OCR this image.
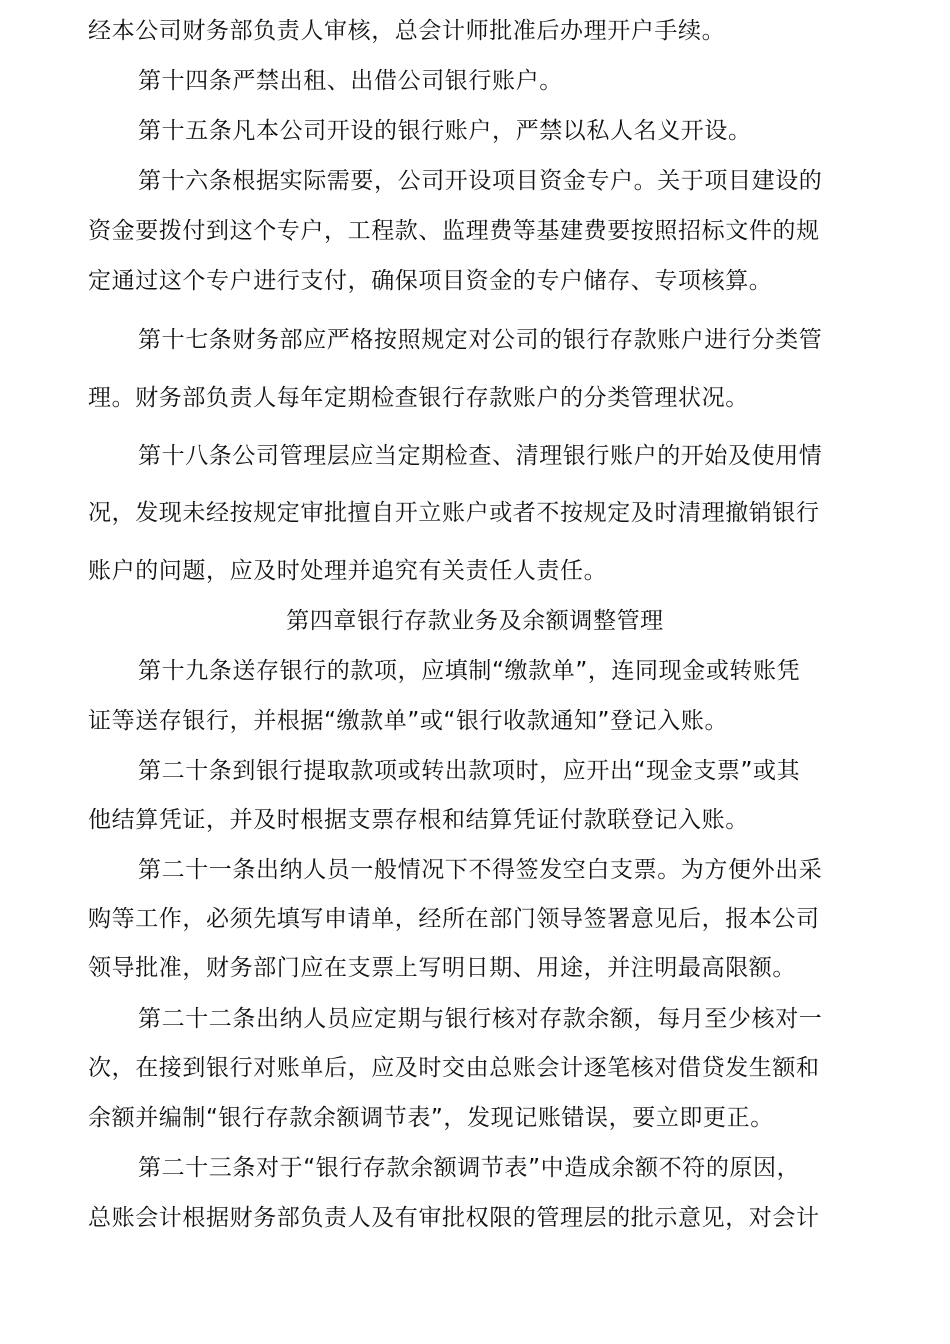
经本公司财务部负责人审核，总会计师批准后办理开户手续。
第十四条严禁出租、出借公司银行账户。
第十五条凡本公司开设的银行账户，严禁以私人名义开设。
第十六条根据实际需要，公司开设项目资金专户。关于项目建设的
资金要拨付到这个专户，工程款、监理费等基建费要按照招标文件的规
定通过这个专户进行支付，确保项目资金的专户储存、专项核算。
第十七条财务部应严格按照规定对公司的银行存款账户进行分类管
理。财务部负责人每年定期检查银行存款账户的分类管理状况。
第十八条公司管理层应当定期检查、清理银行账户的开始及使用情
况，发现未经按规定审批擅自开立账户或者不按规定及时清理撤销银行
账户的问题，应及时处理并追究有关责任人责任。
第四章银行存款业务及余额调整管理
第十九条送存银行的款项，应填制“缴款单”，连同现金或转账凭
证等送存银行，并根据“缴款单”或“银行收款通知”登记入账。
第二十条到银行提取款项或转出款项时，应开出“现金支票”或其
他结算凭证，并及时根据支票存根和结算凭证付款联登记入账。
第二十一条出纳人员一般情况下不得签发空白支票。为方便外出采
购等工作，必须先填写申请单，经所在部门领导签署意见后，报本公司
领导批准，财务部门应在支票上写明日期、用途，并注明最高限额。
第二十二条出纳人员应定期与银行核对存款余额，每月至少核对一
次，在接到银行对账单后，应及时交由总账会计逐笔核对借贷发生额和
余额并编制“银行存款余额调节表”，发现记账错误，要立即更正。
第二十三条对于“银行存款余额调节表”中造成余额不符的原因，
总账会计根据财务部负责人及有审批权限的管理层的批示意见，对会计
